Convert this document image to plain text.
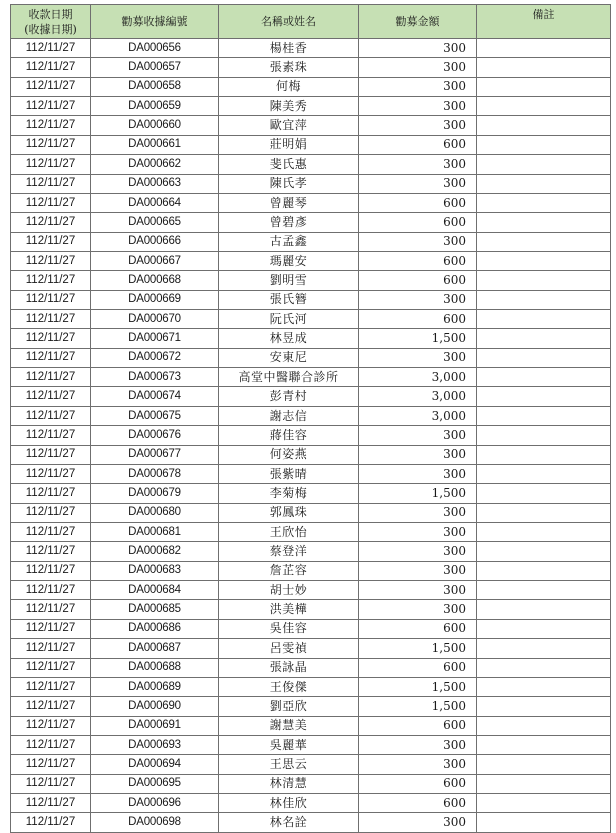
收款日期
(收據日期)	勸募收據編號	名稱或姓名	勸募金額	備註
112/11/27	DA000656	楊桂香	300	
112/11/27	DA000657	張素珠	300	
112/11/27	DA000658	何梅	300	
112/11/27	DA000659	陳美秀	300	
112/11/27	DA000660	歐宜萍	300	
112/11/27	DA000661	莊明娟	600	
112/11/27	DA000662	斐氏惠	300	
112/11/27	DA000663	陳氏孝	300	
112/11/27	DA000664	曾麗琴	600	
112/11/27	DA000665	曾碧彥	600	
112/11/27	DA000666	古孟鑫	300	
112/11/27	DA000667	瑪麗安	600	
112/11/27	DA000668	劉明雪	600	
112/11/27	DA000669	張氏簪	300	
112/11/27	DA000670	阮氏河	600	
112/11/27	DA000671	林昱成	1,500	
112/11/27	DA000672	安東尼	300	
112/11/27	DA000673	高堂中醫聯合診所	3,000	
112/11/27	DA000674	彭青村	3,000	
112/11/27	DA000675	謝志信	3,000	
112/11/27	DA000676	蔣佳容	300	
112/11/27	DA000677	何姿燕	300	
112/11/27	DA000678	張紫晴	300	
112/11/27	DA000679	李菊梅	1,500	
112/11/27	DA000680	郭鳳珠	300	
112/11/27	DA000681	王欣怡	300	
112/11/27	DA000682	蔡登洋	300	
112/11/27	DA000683	詹芷容	300	
112/11/27	DA000684	胡士妙	300	
112/11/27	DA000685	洪美樺	300	
112/11/27	DA000686	吳佳容	600	
112/11/27	DA000687	呂雯禎	1,500	
112/11/27	DA000688	張詠晶	600	
112/11/27	DA000689	王俊傑	1,500	
112/11/27	DA000690	劉亞欣	1,500	
112/11/27	DA000691	謝慧美	600	
112/11/27	DA000693	吳麗華	300	
112/11/27	DA000694	王思云	300	
112/11/27	DA000695	林清慧	600	
112/11/27	DA000696	林佳欣	600	
112/11/27	DA000698	林名詮	300	
